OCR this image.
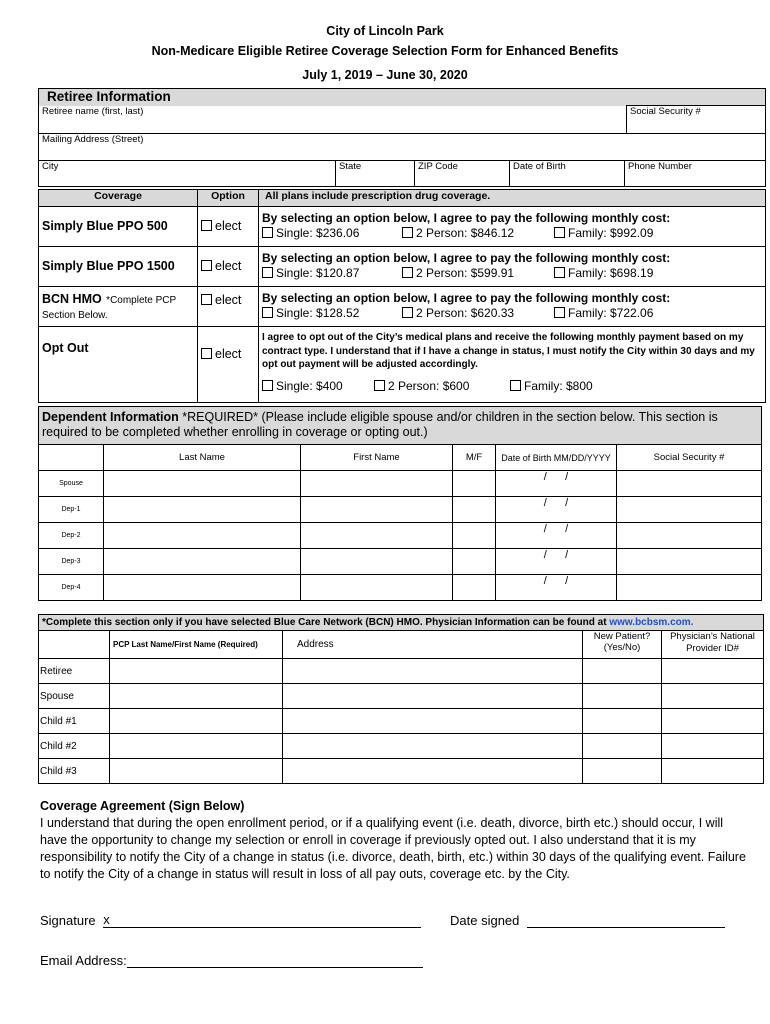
City of Lincoln Park
Non-Medicare Eligible Retiree Coverage Selection Form for Enhanced Benefits
July 1, 2019 – June 30, 2020
Retiree Information					
Retiree name (first, last)					Social Security #
Mailing Address (Street)					
City	State	ZIP Code	Date of Birth	Phone Number	
Coverage	Option	All plans include prescription drug coverage.
Simply Blue PPO 500	elect	By selecting an option below, I agree to pay the following monthly cost:
Single: $236.06 2 Person: $846.12 Family: $992.09

Simply Blue PPO 1500	elect	By selecting an option below, I agree to pay the following monthly cost:
Single: $120.87 2 Person: $599.91 Family: $698.19

BCN HMO *Complete PCP Section Below.	elect	By selecting an option below, I agree to pay the following monthly cost:
Single: $128.52 2 Person: $620.33 Family: $722.06

Opt Out	elect	I agree to opt out of the City’s medical plans and receive the following monthly payment based on my contract type. I understand that if I have a change in status, I must notify the City within 30 days and my opt out payment will be adjusted accordingly.
Single: $400 2 Person: $600 Family: $800
Dependent Information *REQUIRED* (Please include eligible spouse and/or children in the section below. This section is required to be completed whether enrolling in coverage or opting out.)					
	Last Name	First Name	M/F	Date of Birth MM/DD/YYYY	Social Security #
Spouse				/      /	
Dep-1				/      /	
Dep-2				/      /	
Dep-3				/      /	
Dep-4				/      /	
*Complete this section only if you have selected Blue Care Network (BCN) HMO. Physician Information can be found at www.bcbsm.com.				
	PCP Last Name/First Name (Required)	Address	New Patient? (Yes/No)	Physician’s National Provider ID#
Retiree				
Spouse				
Child #1				
Child #2				
Child #3				
Coverage Agreement (Sign Below)
I understand that during the open enrollment period, or if a qualifying event (i.e. death, divorce, birth etc.) should occur, I will have the opportunity to change my selection or enroll in coverage if previously opted out. I also understand that it is my responsibility to notify the City of a change in status (i.e. divorce, death, birth, etc.) within 30 days of the qualifying event. Failure to notify the City of a change in status will result in loss of all pay outs, coverage etc. by the City.
Signature x	Date signed
Email Address:
